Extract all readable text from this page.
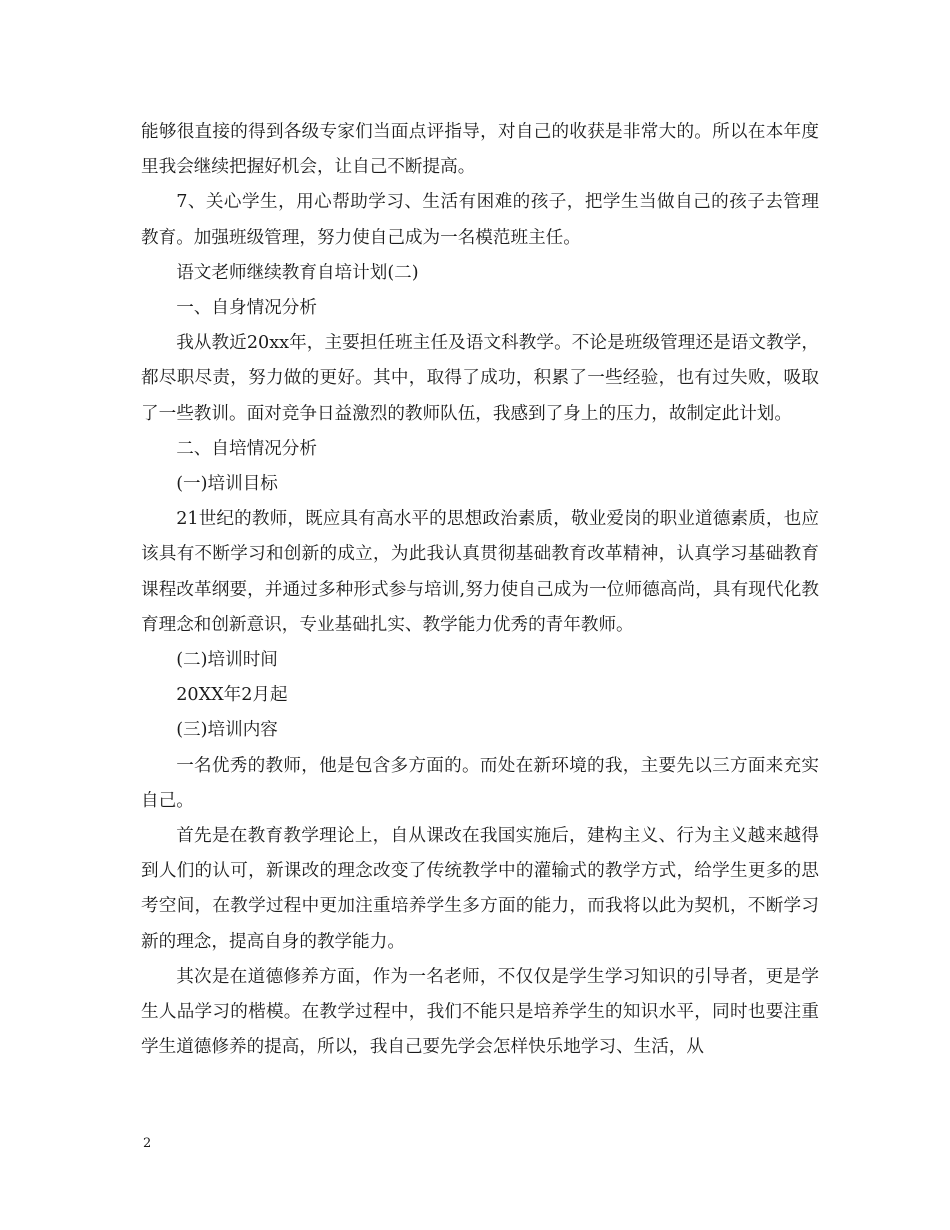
能够很直接的得到各级专家们当面点评指导，对自己的收获是非常大的。所以在本年度里我会继续把握好机会，让自己不断提高。

7、关心学生，用心帮助学习、生活有困难的孩子，把学生当做自己的孩子去管理教育。加强班级管理，努力使自己成为一名模范班主任。

语文老师继续教育自培计划(二)

一、自身情况分析

我从教近20xx年，主要担任班主任及语文科教学。不论是班级管理还是语文教学，都尽职尽责，努力做的更好。其中，取得了成功，积累了一些经验，也有过失败，吸取了一些教训。面对竞争日益激烈的教师队伍，我感到了身上的压力，故制定此计划。

二、自培情况分析

(一)培训目标

21世纪的教师，既应具有高水平的思想政治素质，敬业爱岗的职业道德素质，也应该具有不断学习和创新的成立，为此我认真贯彻基础教育改革精神，认真学习基础教育课程改革纲要，并通过多种形式参与培训,努力使自己成为一位师德高尚，具有现代化教育理念和创新意识，专业基础扎实、教学能力优秀的青年教师。

(二)培训时间

20XX年2月起

(三)培训内容

一名优秀的教师，他是包含多方面的。而处在新环境的我，主要先以三方面来充实自己。

首先是在教育教学理论上，自从课改在我国实施后，建构主义、行为主义越来越得到人们的认可，新课改的理念改变了传统教学中的灌输式的教学方式，给学生更多的思考空间，在教学过程中更加注重培养学生多方面的能力，而我将以此为契机，不断学习新的理念，提高自身的教学能力。

其次是在道德修养方面，作为一名老师，不仅仅是学生学习知识的引导者，更是学生人品学习的楷模。在教学过程中，我们不能只是培养学生的知识水平，同时也要注重学生道德修养的提高，所以，我自己要先学会怎样快乐地学习、生活，从

2
